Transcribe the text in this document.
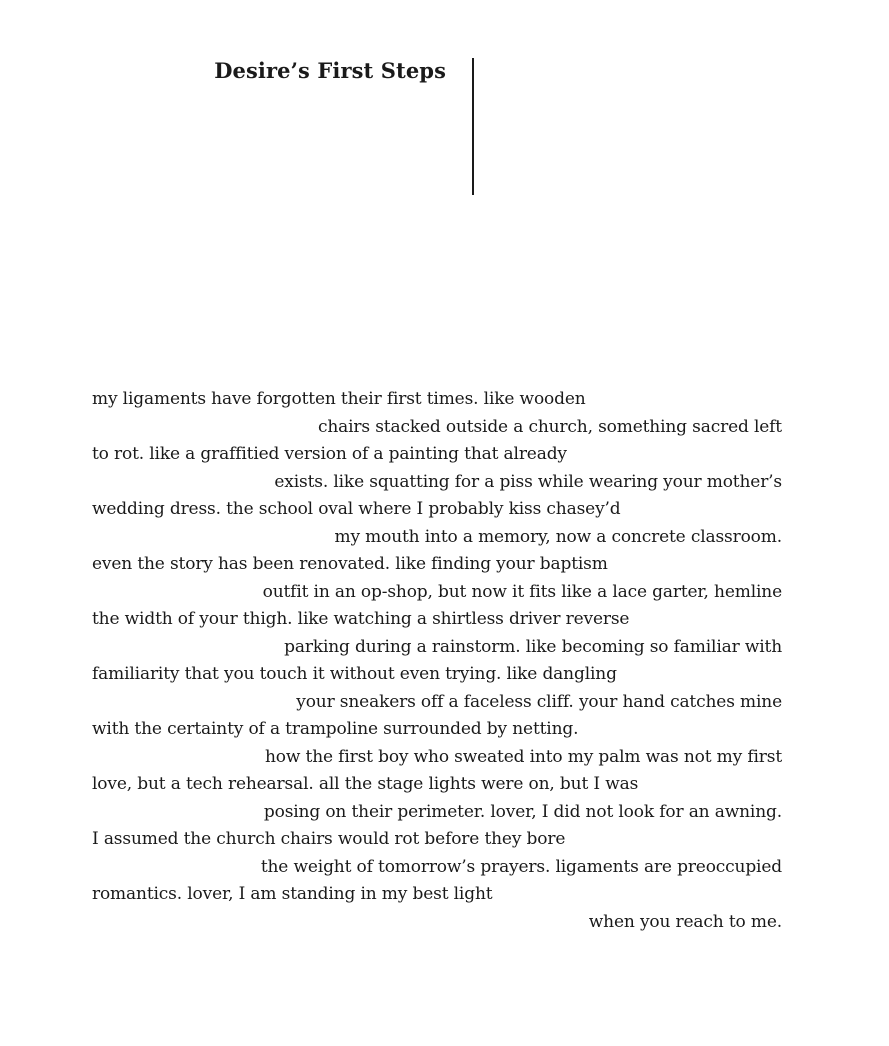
Desire’s First Steps
my ligaments have forgotten their first times. like wooden
chairs stacked outside a church, something sacred left
to rot. like a graffitied version of a painting that already
exists. like squatting for a piss while wearing your mother’s
wedding dress. the school oval where I probably kiss chasey’d
my mouth into a memory, now a concrete classroom.
even the story has been renovated. like finding your baptism
outfit in an op-shop, but now it fits like a lace garter, hemline
the width of your thigh. like watching a shirtless driver reverse
parking during a rainstorm. like becoming so familiar with
familiarity that you touch it without even trying. like dangling
your sneakers off a faceless cliff. your hand catches mine
with the certainty of a trampoline surrounded by netting.
how the first boy who sweated into my palm was not my first
love, but a tech rehearsal. all the stage lights were on, but I was
posing on their perimeter. lover, I did not look for an awning.
I assumed the church chairs would rot before they bore
the weight of tomorrow’s prayers. ligaments are preoccupied
romantics. lover, I am standing in my best light
when you reach to me.
